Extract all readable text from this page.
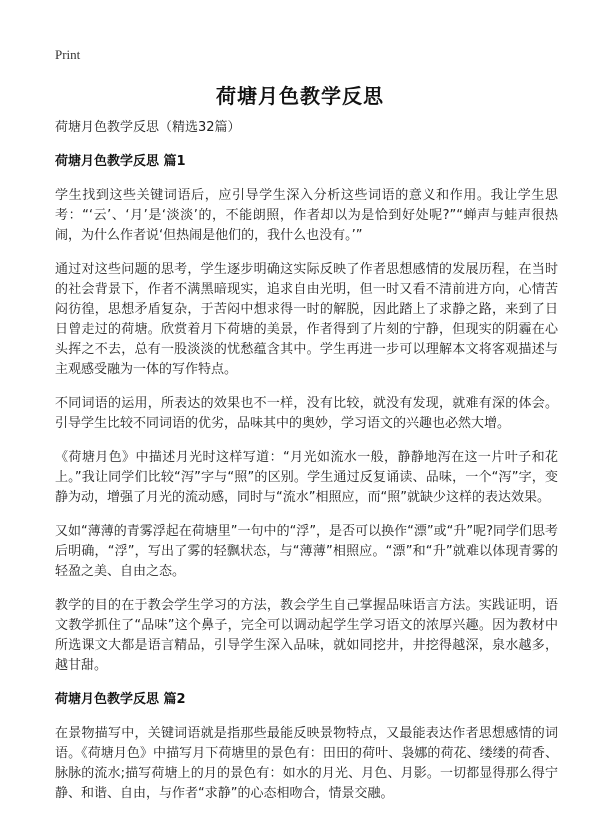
Print
荷塘月色教学反思

荷塘月色教学反思（精选32篇）

荷塘月色教学反思 篇1

学生找到这些关键词语后，应引导学生深入分析这些词语的意义和作用。我让学生思考：“‘云’、‘月’是‘淡淡’的，不能朗照，作者却以为是恰到好处呢?”“蝉声与蛙声很热闹，为什么作者说‘但热闹是他们的，我什么也没有。’”

通过对这些问题的思考，学生逐步明确这实际反映了作者思想感情的发展历程，在当时的社会背景下，作者不满黑暗现实，追求自由光明，但一时又看不清前进方向，心情苦闷彷徨，思想矛盾复杂，于苦闷中想求得一时的解脱，因此踏上了求静之路，来到了日日曾走过的荷塘。欣赏着月下荷塘的美景，作者得到了片刻的宁静，但现实的阴霾在心头挥之不去，总有一股淡淡的忧愁蕴含其中。学生再进一步可以理解本文将客观描述与主观感受融为一体的写作特点。

不同词语的运用，所表达的效果也不一样，没有比较，就没有发现，就难有深的体会。引导学生比较不同词语的优劣，品味其中的奥妙，学习语文的兴趣也必然大增。

《荷塘月色》中描述月光时这样写道：“月光如流水一般，静静地泻在这一片叶子和花上。”我让同学们比较“泻”字与“照”的区别。学生通过反复诵读、品味，一个“泻”字，变静为动，增强了月光的流动感，同时与“流水”相照应，而“照”就缺少这样的表达效果。

又如“薄薄的青雾浮起在荷塘里”一句中的“浮”，是否可以换作“漂”或“升”呢?同学们思考后明确，“浮”，写出了雾的轻飘状态，与“薄薄”相照应。“漂”和“升”就难以体现青雾的轻盈之美、自由之态。

教学的目的在于教会学生学习的方法，教会学生自己掌握品味语言方法。实践证明，语文教学抓住了“品味”这个鼻子，完全可以调动起学生学习语文的浓厚兴趣。因为教材中所选课文大都是语言精品，引导学生深入品味，就如同挖井，井挖得越深，泉水越多，越甘甜。

荷塘月色教学反思 篇2

在景物描写中，关键词语就是指那些最能反映景物特点，又最能表达作者思想感情的词语。《荷塘月色》中描写月下荷塘里的景色有：田田的荷叶、袅娜的荷花、缕缕的荷香、脉脉的流水;描写荷塘上的月的景色有：如水的月光、月色、月影。一切都显得那么得宁静、和谐、自由，与作者“求静”的心态相吻合，情景交融。
